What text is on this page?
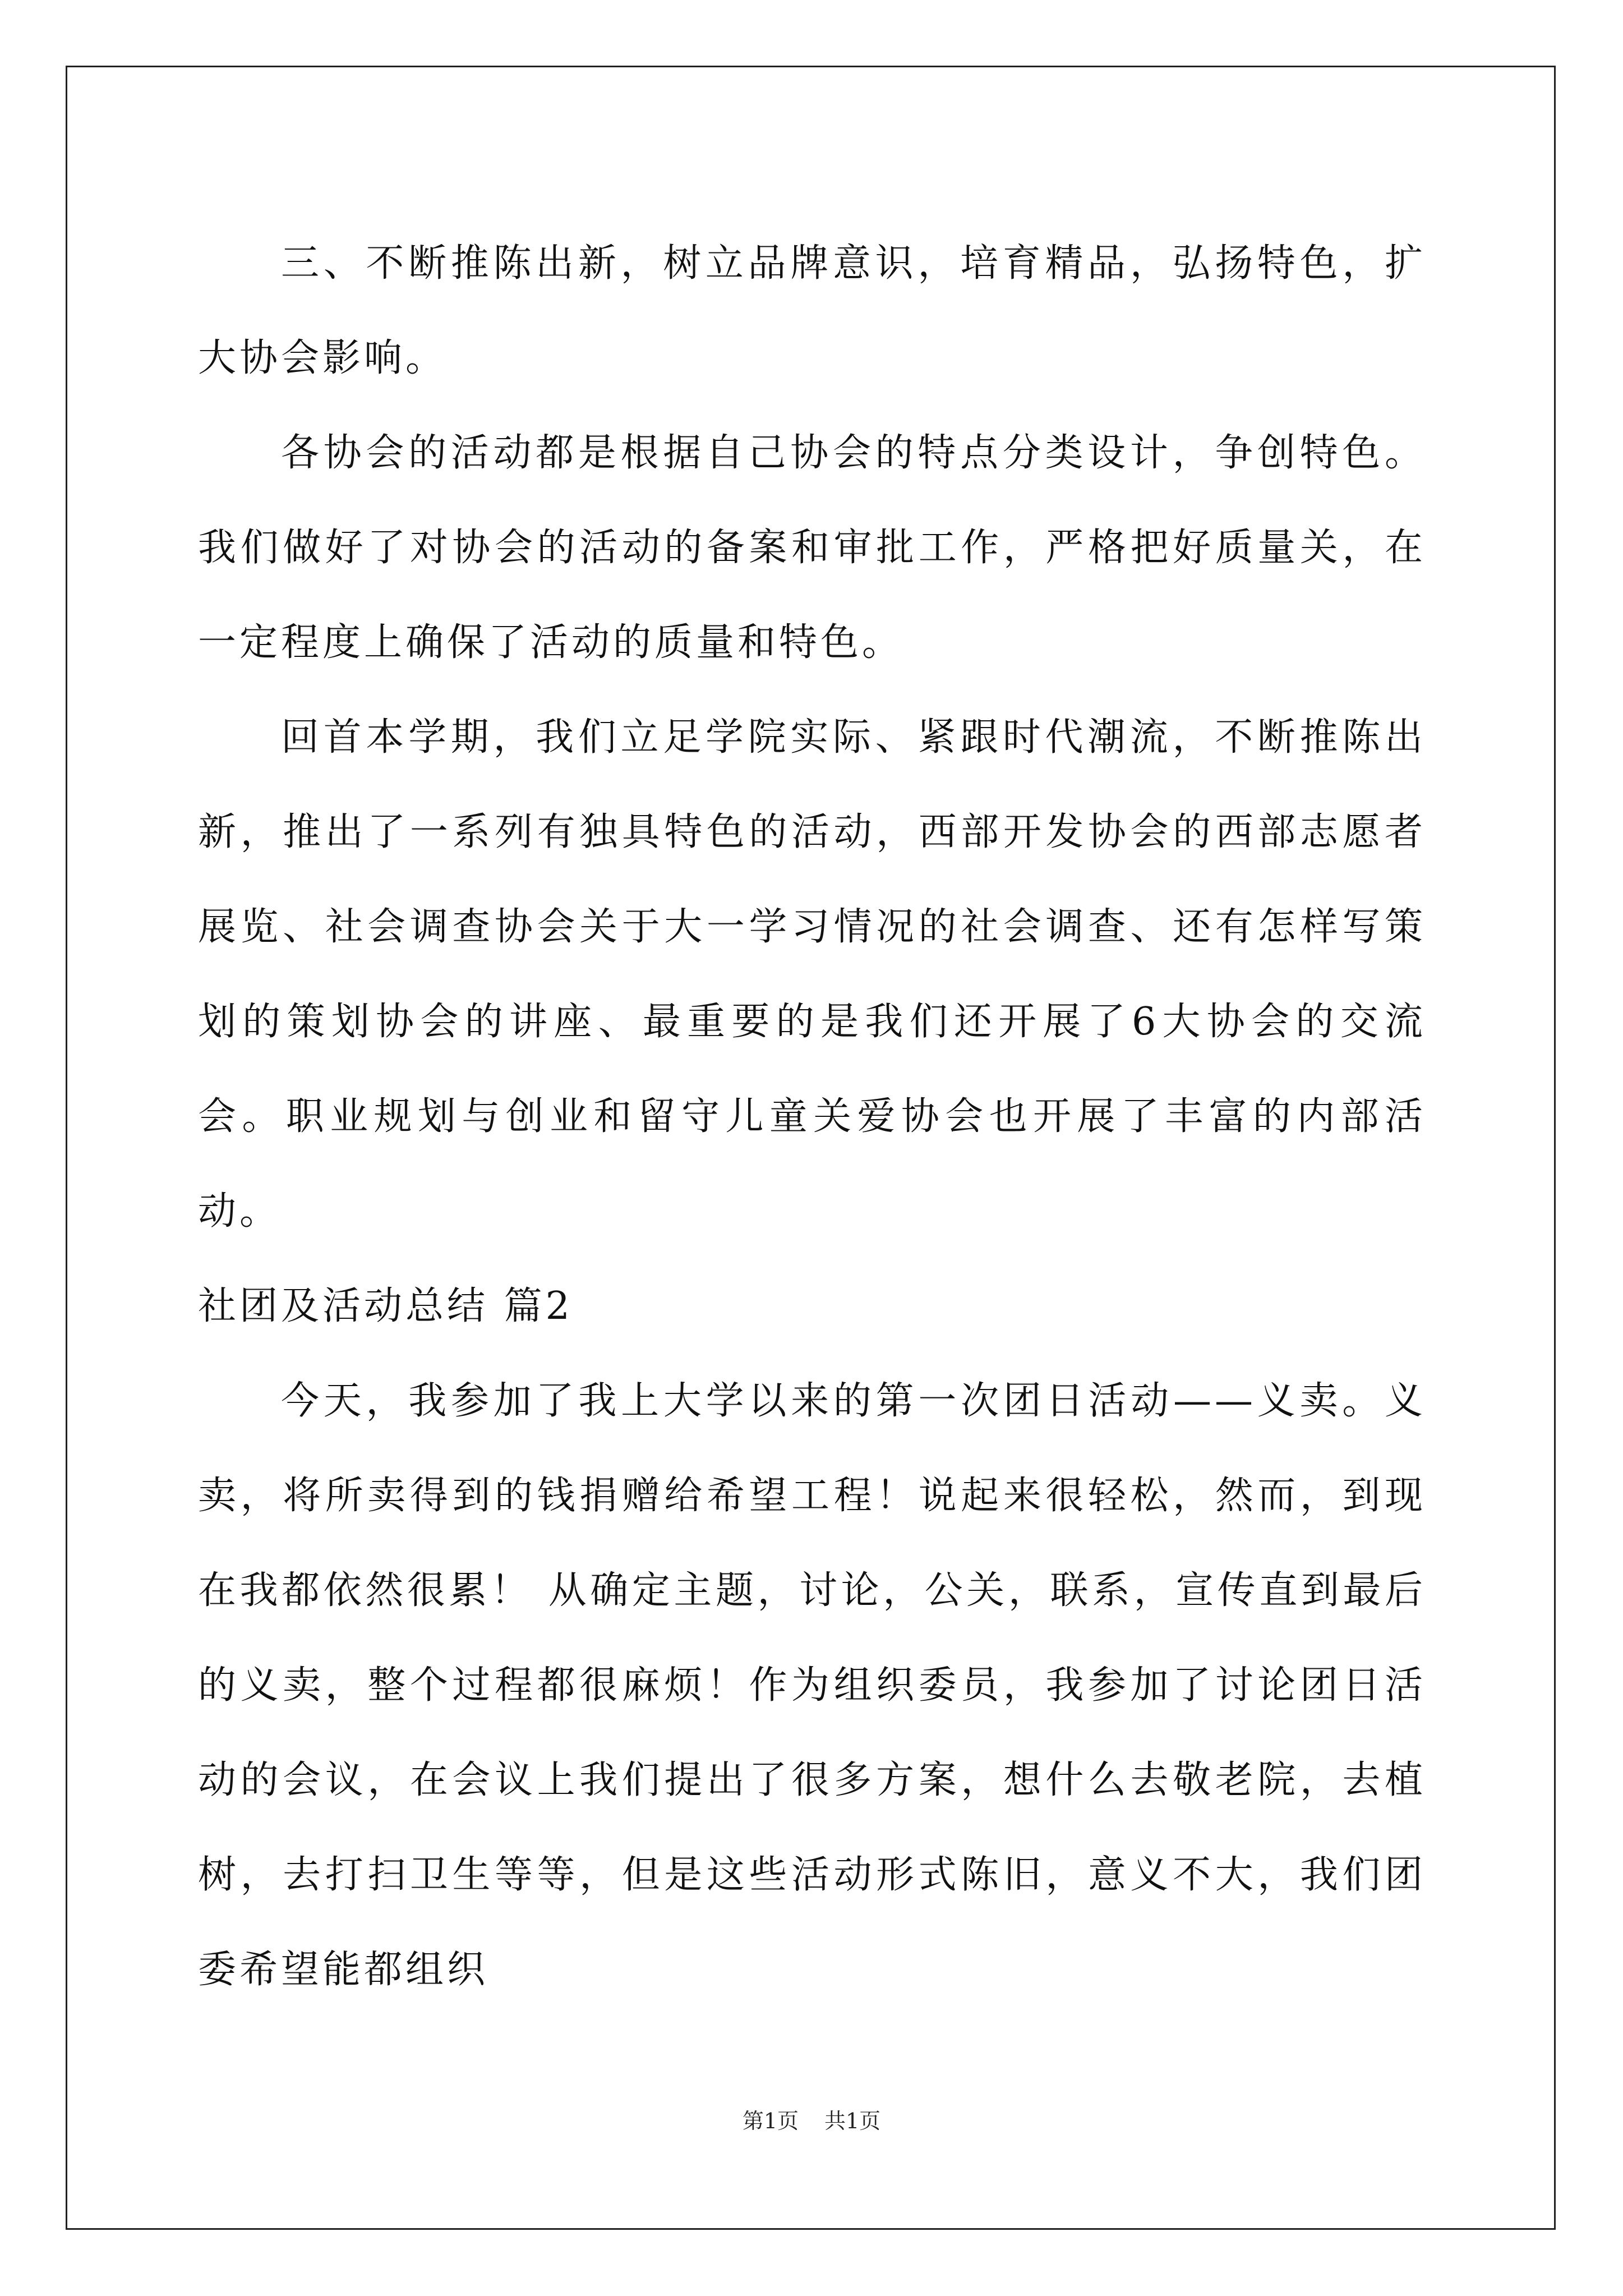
三、不断推陈出新，树立品牌意识，培育精品，弘扬特色，扩大协会影响。

各协会的活动都是根据自己协会的特点分类设计，争创特色。我们做好了对协会的活动的备案和审批工作，严格把好质量关，在一定程度上确保了活动的质量和特色。

回首本学期，我们立足学院实际、紧跟时代潮流，不断推陈出新，推出了一系列有独具特色的活动，西部开发协会的西部志愿者展览、社会调查协会关于大一学习情况的社会调查、还有怎样写策划的策划协会的讲座、最重要的是我们还开展了6大协会的交流会。职业规划与创业和留守儿童关爱协会也开展了丰富的内部活动。

社团及活动总结 篇2

今天，我参加了我上大学以来的第一次团日活动——义卖。义卖，将所卖得到的钱捐赠给希望工程！说起来很轻松，然而，到现在我都依然很累！ 从确定主题，讨论，公关，联系，宣传直到最后的义卖，整个过程都很麻烦！作为组织委员，我参加了讨论团日活动的会议，在会议上我们提出了很多方案，想什么去敬老院，去植树，去打扫卫生等等，但是这些活动形式陈旧，意义不大，我们团委希望能都组织

第1页 共1页
